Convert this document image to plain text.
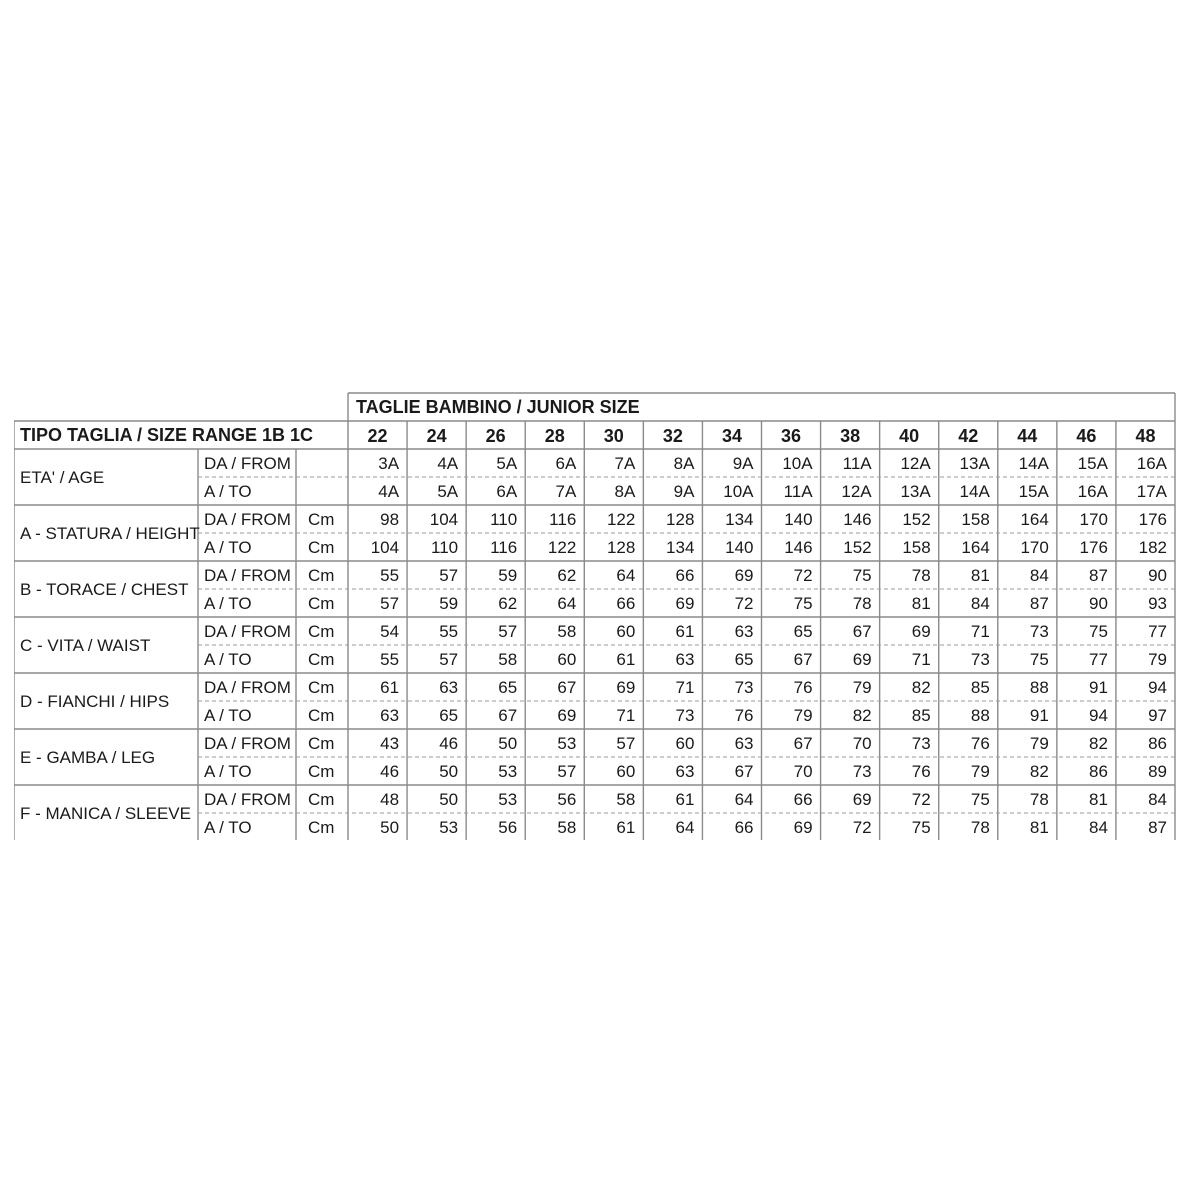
TAGLIE BAMBINO / JUNIOR SIZE
TIPO TAGLIA / SIZE RANGE 1B 1C	22 24 26 28 30 32 34 36 38 40 42 44 46 48
ETA' / AGE
DA / FROM	3A 4A 5A 6A 7A 8A 9A 10A 11A 12A 13A 14A 15A 16A
A / TO	4A 5A 6A 7A 8A 9A 10A 11A 12A 13A 14A 15A 16A 17A
A - STATURA / HEIGHT
DA / FROM Cm	98 104 110 116 122 128 134 140 146 152 158 164 170 176
A / TO	Cm 104 110 116 122 128 134 140 146 152 158 164 170 176 182
B - TORACE / CHEST
DA / FROM Cm	55 57 59 62 64 66 69 72 75 78 81 84 87 90
A / TO	Cm	57 59 62 64 66 69 72 75 78 81 84 87 90 93
C - VITA / WAIST
DA / FROM Cm	54 55 57 58 60 61 63 65 67 69 71 73 75 77
A / TO	Cm	55 57 58 60 61 63 65 67 69 71 73 75 77 79
D - FIANCHI / HIPS
DA / FROM Cm	61 63 65 67 69 71 73 76 79 82 85 88 91 94
A / TO	Cm	63 65 67 69 71 73 76 79 82 85 88 91 94 97
E - GAMBA / LEG
DA / FROM Cm	43 46 50 53 57 60 63 67 70 73 76 79 82 86
A / TO	Cm	46 50 53 57 60 63 67 70 73 76 79 82 86 89
F - MANICA / SLEEVE
DA / FROM Cm	48 50 53 56 58 61 64 66 69 72 75 78 81 84
A / TO	Cm	50 53 56 58 61 64 66 69 72 75 78 81 84 87
